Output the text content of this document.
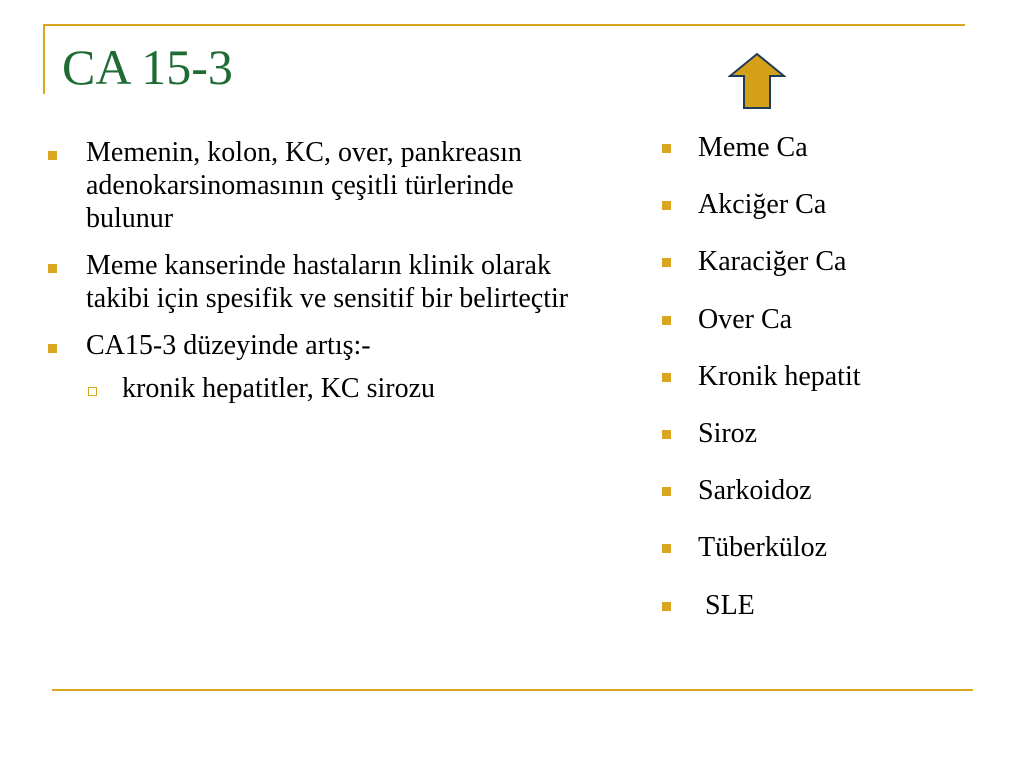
CA 15-3
Memenin, kolon, KC, over, pankreasın adenokarsinomasının çeşitli türlerinde bulunur
Meme kanserinde hastaların klinik olarak takibi için spesifik ve sensitif bir belirteçtir
CA15-3 düzeyinde artış:-
kronik hepatitler, KC sirozu
Meme Ca
Akciğer Ca
Karaciğer Ca
Over Ca
Kronik hepatit
Siroz
Sarkoidoz
Tüberküloz
SLE
